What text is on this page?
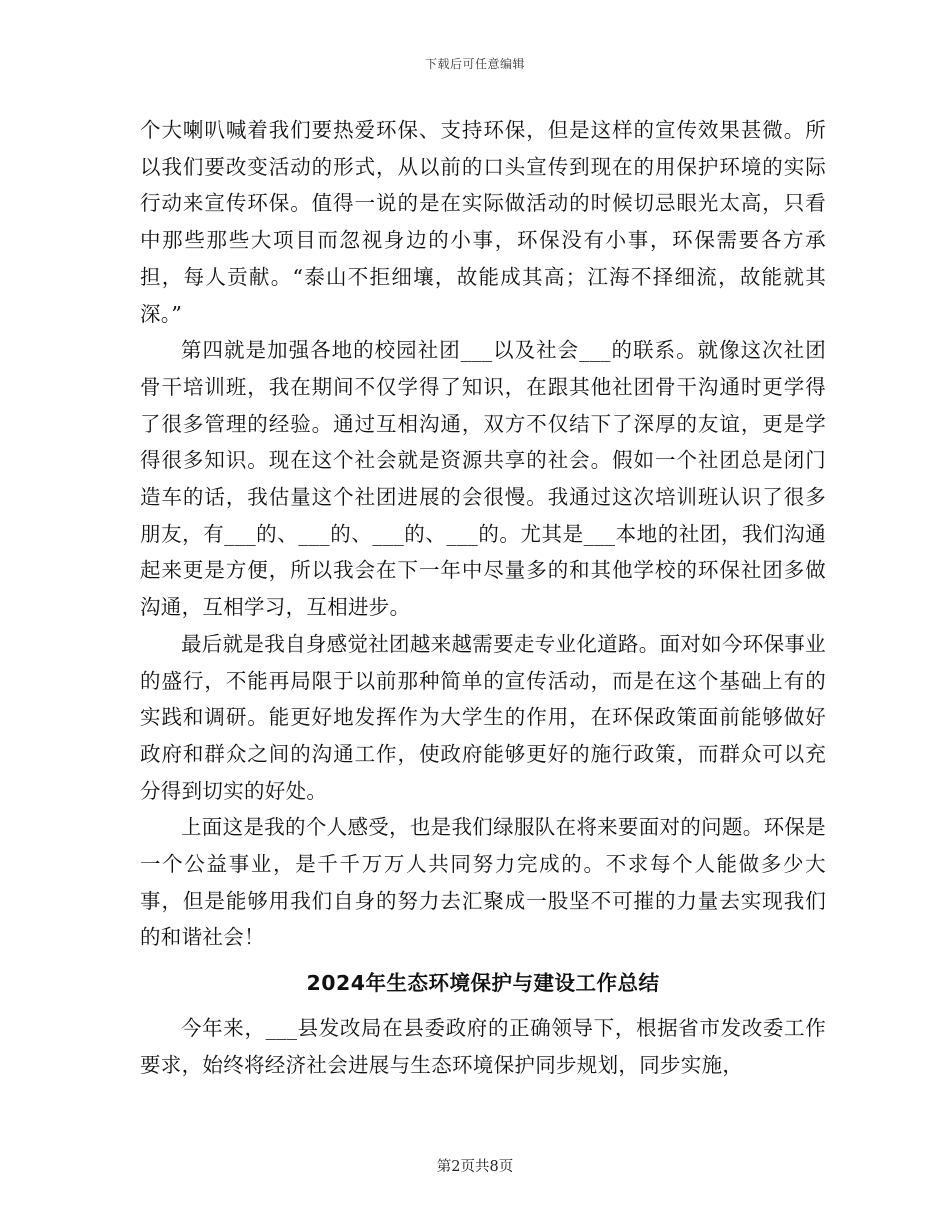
下载后可任意编辑

个大喇叭喊着我们要热爱环保、支持环保，但是这样的宣传效果甚微。所以我们要改变活动的形式，从以前的口头宣传到现在的用保护环境的实际行动来宣传环保。值得一说的是在实际做活动的时候切忌眼光太高，只看中那些那些大项目而忽视身边的小事，环保没有小事，环保需要各方承担，每人贡献。“泰山不拒细壤，故能成其高；江海不择细流，故能就其深。”

第四就是加强各地的校园社团___以及社会___的联系。就像这次社团骨干培训班，我在期间不仅学得了知识，在跟其他社团骨干沟通时更学得了很多管理的经验。通过互相沟通，双方不仅结下了深厚的友谊，更是学得很多知识。现在这个社会就是资源共享的社会。假如一个社团总是闭门造车的话，我估量这个社团进展的会很慢。我通过这次培训班认识了很多朋友，有___的、___的、___的、___的。尤其是___本地的社团，我们沟通起来更是方便，所以我会在下一年中尽量多的和其他学校的环保社团多做沟通，互相学习，互相进步。

最后就是我自身感觉社团越来越需要走专业化道路。面对如今环保事业的盛行，不能再局限于以前那种简单的宣传活动，而是在这个基础上有的实践和调研。能更好地发挥作为大学生的作用，在环保政策面前能够做好政府和群众之间的沟通工作，使政府能够更好的施行政策，而群众可以充分得到切实的好处。

上面这是我的个人感受，也是我们绿服队在将来要面对的问题。环保是一个公益事业，是千千万万人共同努力完成的。不求每个人能做多少大事，但是能够用我们自身的努力去汇聚成一股坚不可摧的力量去实现我们的和谐社会！

2024年生态环境保护与建设工作总结

今年来，___县发改局在县委政府的正确领导下，根据省市发改委工作要求，始终将经济社会进展与生态环境保护同步规划，同步实施，

第2页共8页
